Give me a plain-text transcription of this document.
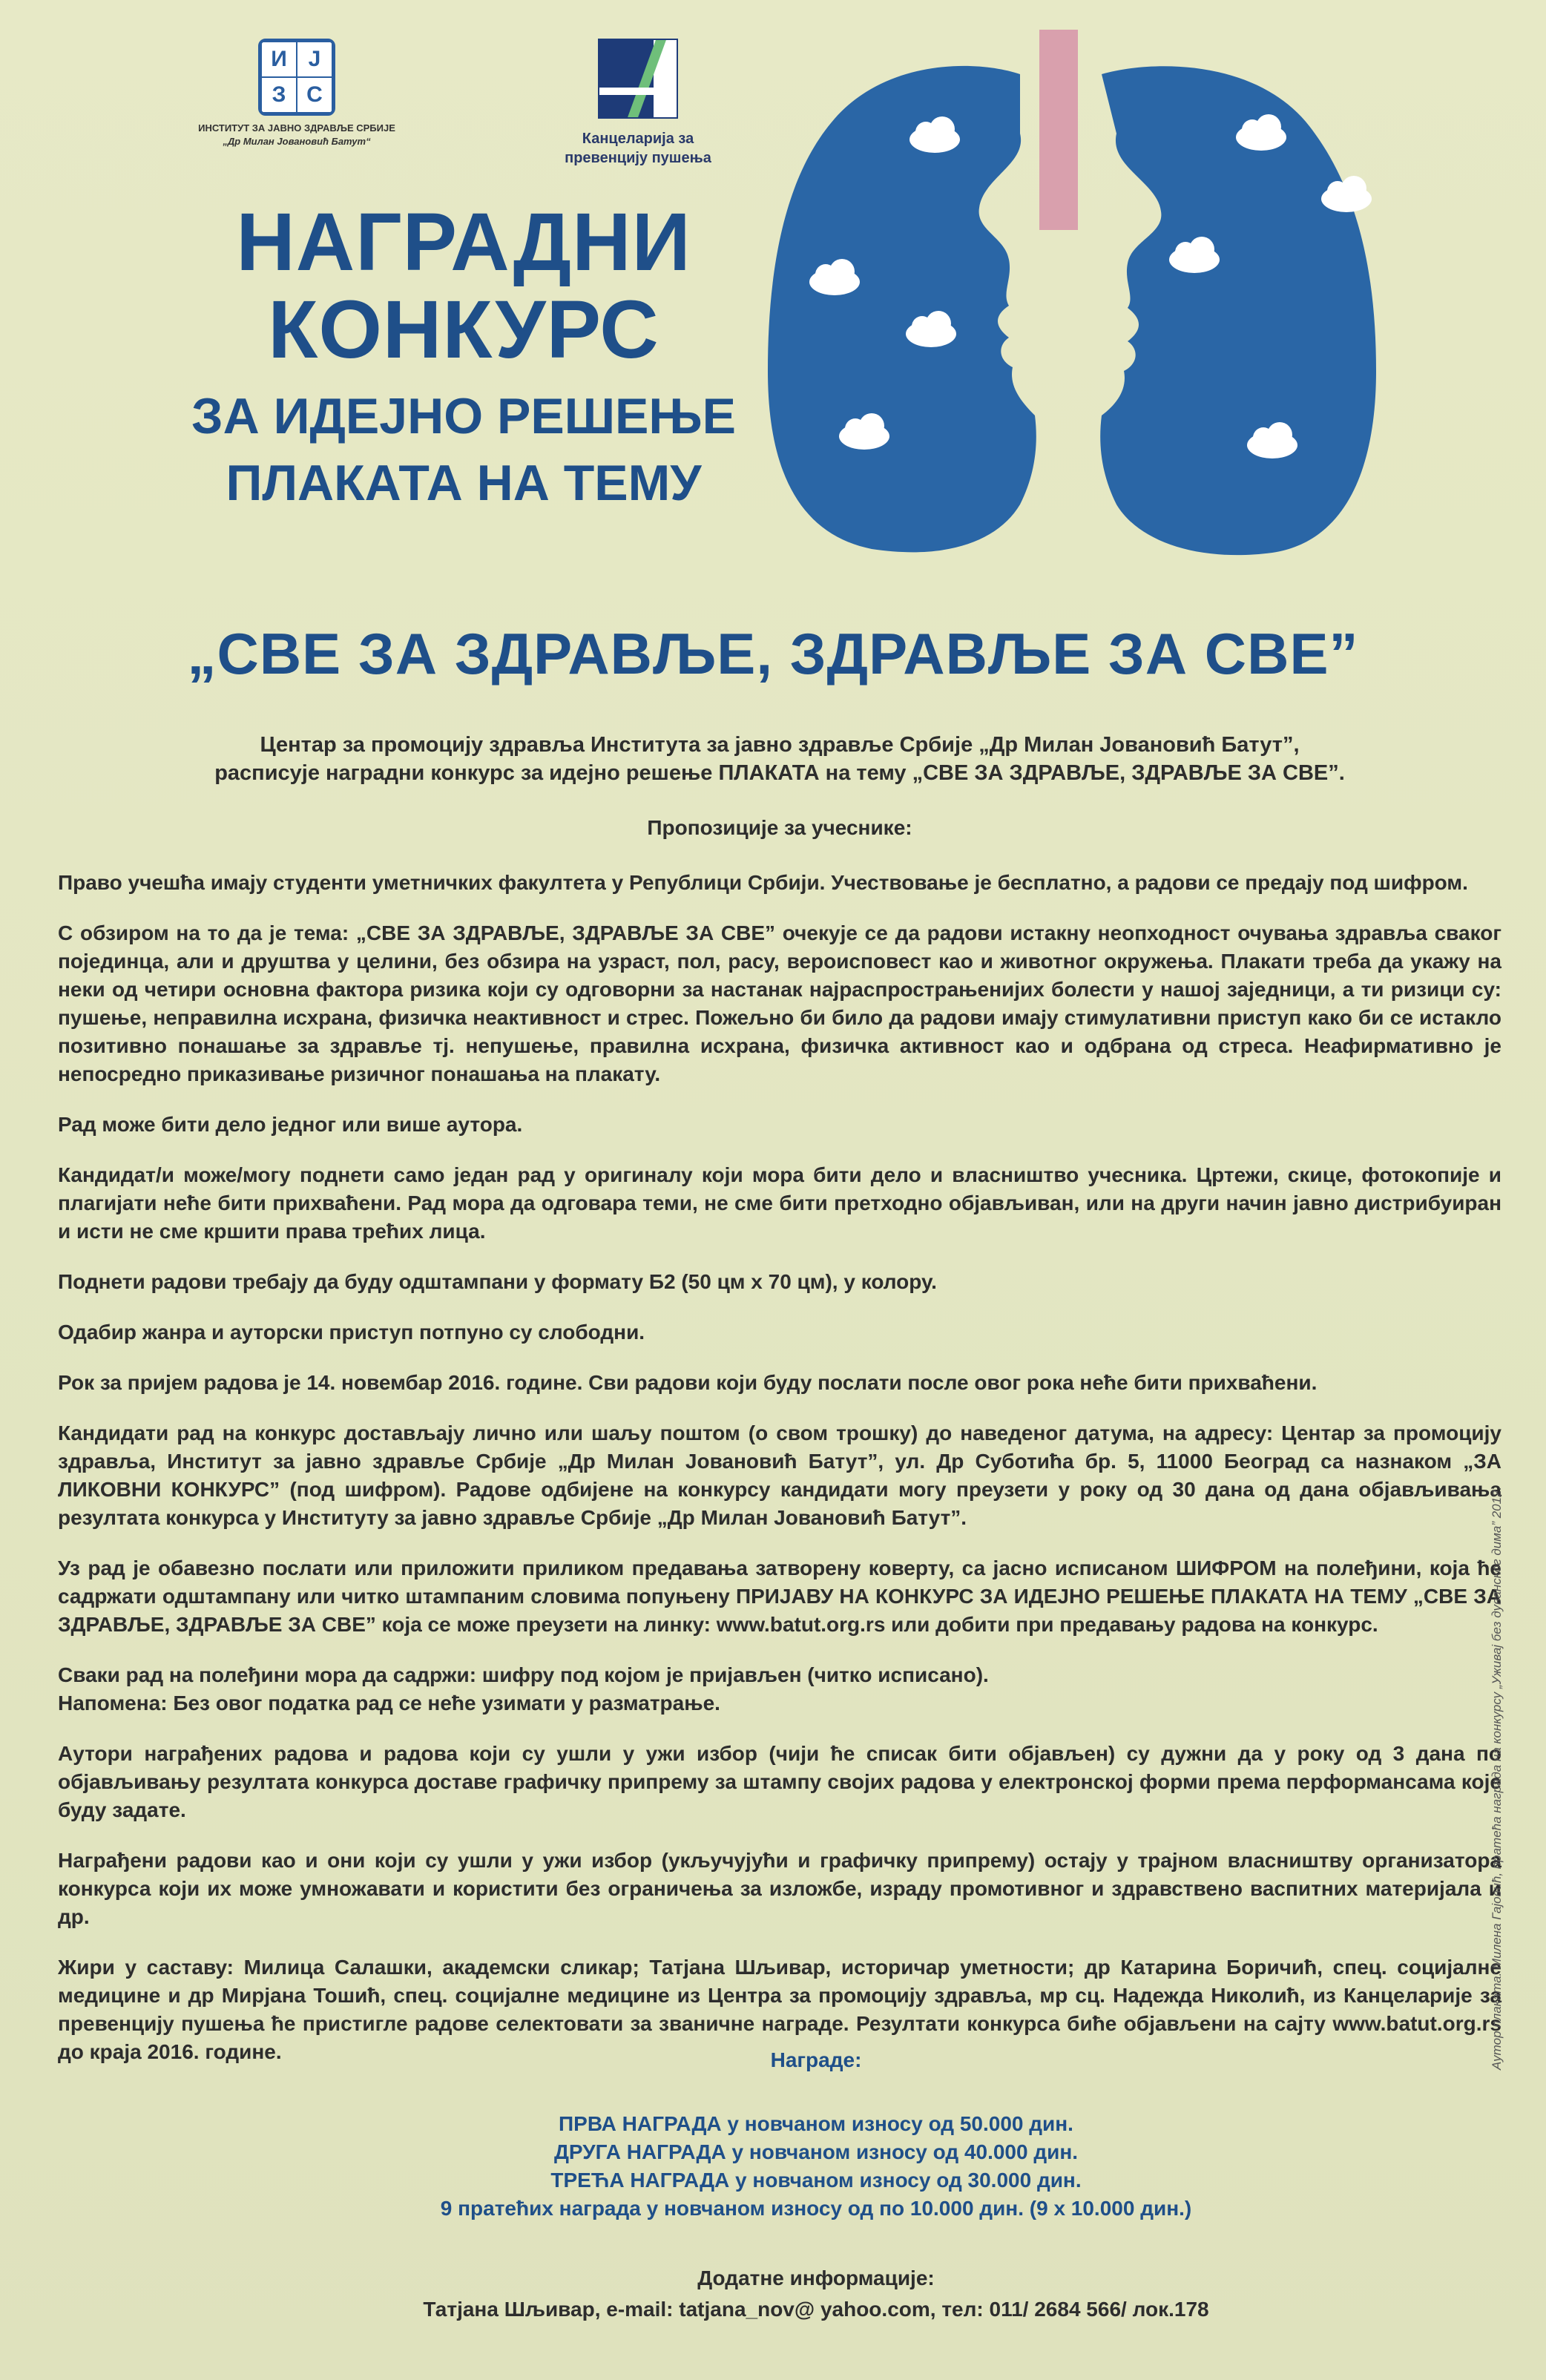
И J
З С
ИНСТИТУТ ЗА ЈАВНО ЗДРАВЉЕ СРБИЈЕ
„Др Милан Јовановић Батут“	Канцеларија за
превенцију пушења
НАГРАДНИ
КОНКУРС
ЗА ИДЕЈНО РЕШЕЊЕ
ПЛАКАТА НА ТЕМУ
„СВЕ ЗА ЗДРАВЉЕ, ЗДРАВЉЕ ЗА СВЕ”

Центар за промоцију здравља Института за јавно здравље Србије „Др Милан Јовановић Батут”,

расписује наградни конкурс за идејно решење ПЛАКАТА на тему „СВЕ ЗА ЗДРАВЉЕ, ЗДРАВЉЕ ЗА СВЕ”.

Пропозиције за учеснике:

Право учешћа имају студенти уметничких факултета у Републици Србији. Учествовање је бесплатно, а радови се предају под шифром.

С обзиром на то да је тема: „СВЕ ЗА ЗДРАВЉЕ, ЗДРАВЉЕ ЗА СВЕ” очекује се да радови истакну неопходност очувања здравља сваког појединца, али и друштва у целини, без обзира на узраст, пол, расу, вероисповест као и животног окружења. Плакати треба да укажу на неки од четири основна фактора ризика који су одговорни за настанак најраспрострањенијих болести у нашој заједници, а ти ризици су: пушење, неправилна исхрана, физичка неактивност и стрес. Пожељно би било да радови имају стимулативни приступ како би се истакло позитивно понашање за здравље тј. непушење, правилна исхрана, физичка активност као и одбрана од стреса. Неафирмативно је непосредно приказивање ризичног понашања на плакату.

Рад може бити дело једног или више аутора.

Кандидат/и може/могу поднети само један рад у оригиналу који мора бити дело и власништво учесника. Цртежи, скице, фотокопије и плагијати неће бити прихваћени. Рад мора да одговара теми, не сме бити претходно објављиван, или на други начин јавно дистрибуиран и исти не сме кршити права трећих лица.

Поднети радови требају да буду одштампани у формату Б2 (50 цм х 70 цм), у колору.

Одабир жанра и ауторски приступ потпуно су слободни.

Рок за пријем радова је 14. новембар 2016. године. Сви радови који буду послати после овог рока неће бити прихваћени.

Кандидати рад на конкурс достављају лично или шаљу поштом (о свом трошку) до наведеног датума, на адресу: Центар за промоцију здравља, Институт за јавно здравље Србије „Др Милан Јовановић Батут”, ул. Др Суботића бр. 5, 11000 Београд са назнаком „ЗА ЛИКОВНИ КОНКУРС” (под шифром). Радове одбијене на конкурсу кандидати могу преузети у року од 30 дана од дана објављивања резултата конкурса у Институту за јавно здравље Србије „Др Милан Јовановић Батут”.

Уз рад је обавезно послати или приложити приликом предавања затворену коверту, са јасно исписаном ШИФРОМ на полеђини, која ће садржати одштампану или читко штампаним словима попуњену ПРИЈАВУ НА КОНКУРС ЗА ИДЕЈНО РЕШЕЊЕ ПЛАКАТА НА ТЕМУ „СВЕ ЗА ЗДРАВЉЕ, ЗДРАВЉЕ ЗА СВЕ” која се може преузети на линку: www.batut.org.rs или добити при предавању радова на конкурс.

Сваки рад на полеђини мора да садржи: шифру под којом је пријављен (читко исписано).

Напомена: Без овог податка рад се неће узимати у разматрање.

Аутори награђених радова и радова који су ушли у ужи избор (чији ће списак бити објављен) су дужни да у року од 3 дана по објављивању резултата конкурса доставе графичку припрему за штампу својих радова у електронској форми према перформансама које буду задате.

Награђени радови као и они који су ушли у ужи избор (укључујући и графичку припрему) остају у трајном власништву организатора конкурса који их може умножавати и користити без ограничења за изложбе, израду промотивног и здравствено васпитних материјала и др.

Жири у саставу: Милица Салашки, академски сликар; Татјана Шљивар, историчар уметности; др Катарина Боричић, спец. социјалне медицине и др Мирјана Тошић, спец. социјалне медицине из Центра за промоцију здравља, мр сц. Надежда Николић, из Канцеларије за превенцију пушења ће пристигле радове селектовати за званичне награде. Резултати конкурса биће објављени на сајту www.batut.org.rs до краја 2016. године.	Награде:
ПРВА НАГРАДА у новчаном износу од 50.000 дин.
ДРУГА НАГРАДА у новчаном износу од 40.000 дин.
ТРЕЋА НАГРАДА у новчаном износу од 30.000 дин.
9 пратећих награда у новчаном износу од по 10.000 дин. (9 х 10.000 дин.)
Додатне информације:
Татјана Шљивар, e-mail: tatjana_nov@ yahoo.com, тел: 011/ 2684 566/ лок.178
Аутор плаката: Милена Гајовић, пратећа награда на конкурсу „Уживај без дуванског дима” 2012.
